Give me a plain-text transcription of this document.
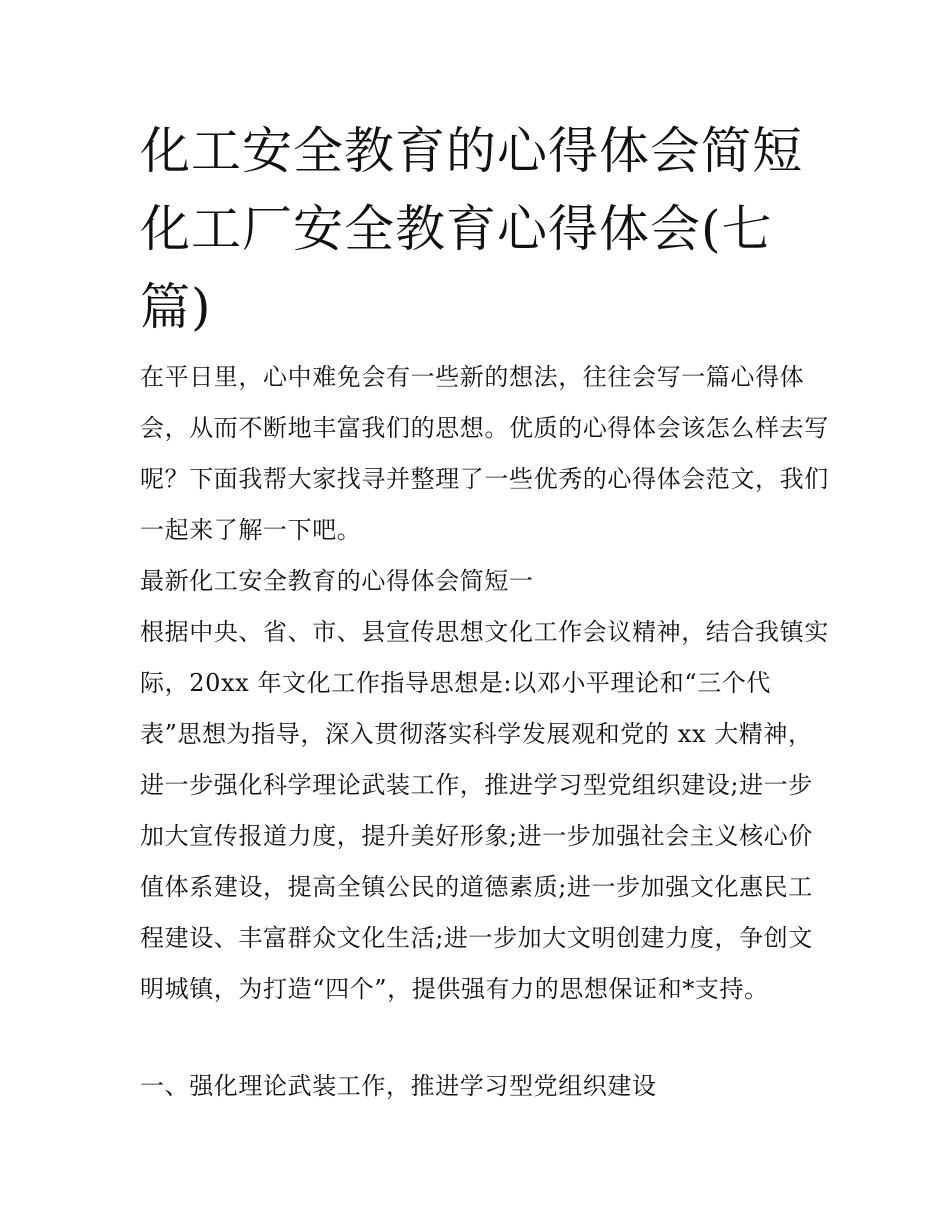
化工安全教育的心得体会简短 化工厂安全教育心得体会(七篇)

在平日里，心中难免会有一些新的想法，往往会写一篇心得体会，从而不断地丰富我们的思想。优质的心得体会该怎么样去写呢？下面我帮大家找寻并整理了一些优秀的心得体会范文，我们一起来了解一下吧。

最新化工安全教育的心得体会简短一

根据中央、省、市、县宣传思想文化工作会议精神，结合我镇实际，20xx 年文化工作指导思想是:以邓小平理论和“三个代表”思想为指导，深入贯彻落实科学发展观和党的 xx 大精神，进一步强化科学理论武装工作，推进学习型党组织建设;进一步加大宣传报道力度，提升美好形象;进一步加强社会主义核心价值体系建设，提高全镇公民的道德素质;进一步加强文化惠民工程建设、丰富群众文化生活;进一步加大文明创建力度，争创文明城镇，为打造“四个”，提供强有力的思想保证和*支持。

一、强化理论武装工作，推进学习型党组织建设
